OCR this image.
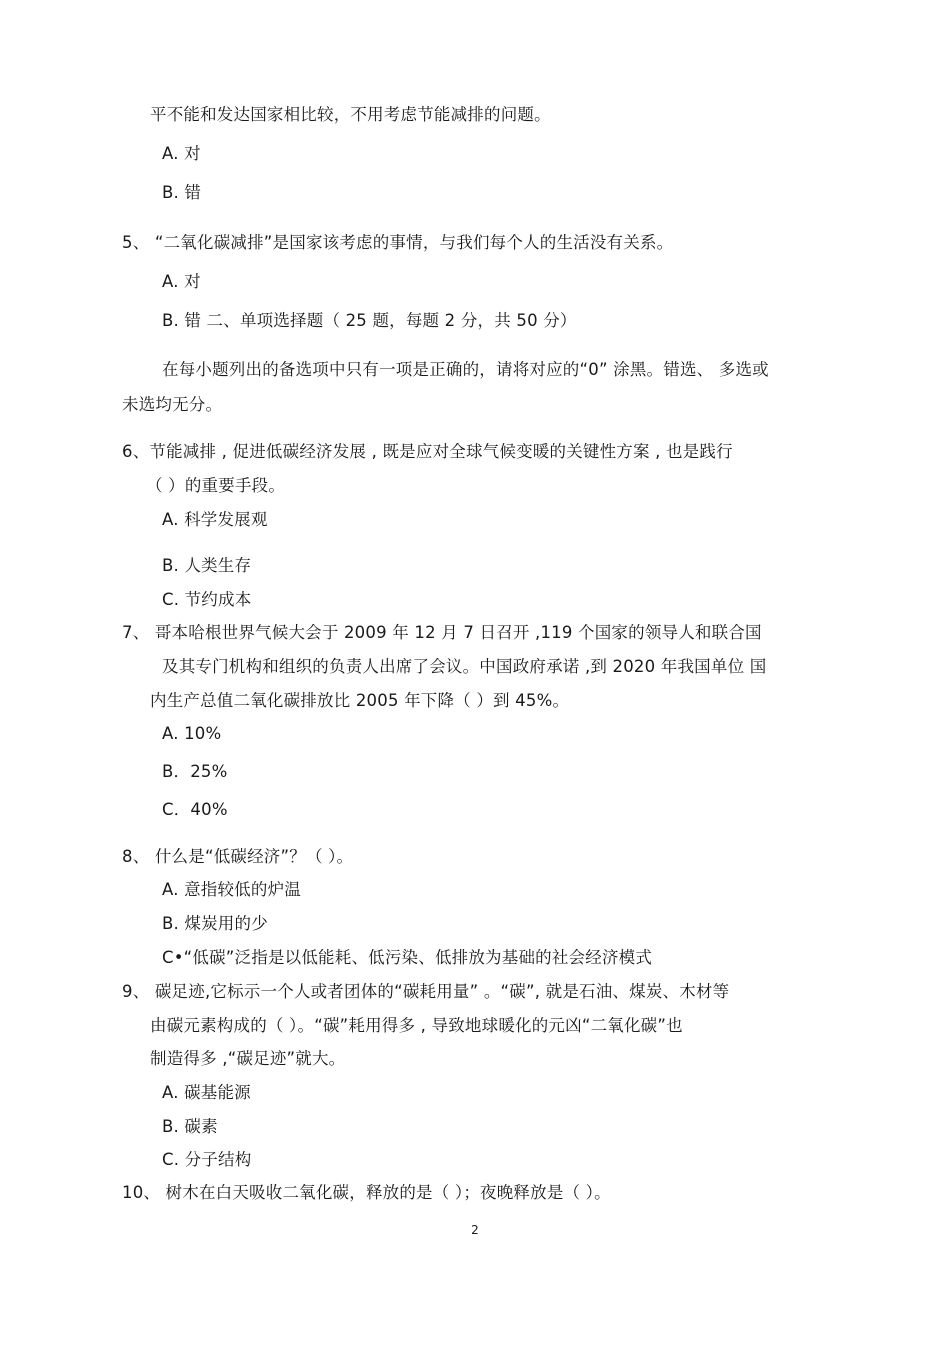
平不能和发达国家相比较，不用考虑节能减排的问题。
A. 对
B. 错
5、 “二氧化碳减排”是国家该考虑的事情，与我们每个人的生活没有关系。
A. 对
B. 错 二、单项选择题（ 25 题，每题 2 分，共 50 分）
在每小题列出的备选项中只有一项是正确的，请将对应的“0” 涂黑。错选、 多选或
未选均无分。
6、节能减排 , 促进低碳经济发展 , 既是应对全球气候变暖的关键性方案 , 也是践行
（ ）的重要手段。
A. 科学发展观
B. 人类生存
C. 节约成本
7、 哥本哈根世界气候大会于 2009 年 12 月 7 日召开 ,119 个国家的领导人和联合国
及其专门机构和组织的负责人出席了会议。中国政府承诺 ,到 2020 年我国单位 国
内生产总值二氧化碳排放比 2005 年下降（ ）到 45%。
A. 10%
B．25%
C．40%
8、 什么是“低碳经济”？（ ）。
A. 意指较低的炉温
B. 煤炭用的少
C•“低碳”泛指是以低能耗、低污染、低排放为基础的社会经济模式
9、 碳足迹,它标示一个人或者团体的“碳耗用量” 。“碳”, 就是石油、煤炭、木材等
由碳元素构成的（ ）。“碳”耗用得多 , 导致地球暖化的元凶“二氧化碳”也
制造得多 ,“碳足迹”就大。
A. 碳基能源
B. 碳素
C. 分子结构
10、 树木在白天吸收二氧化碳，释放的是（ ）；夜晚释放是（ ）。
2
